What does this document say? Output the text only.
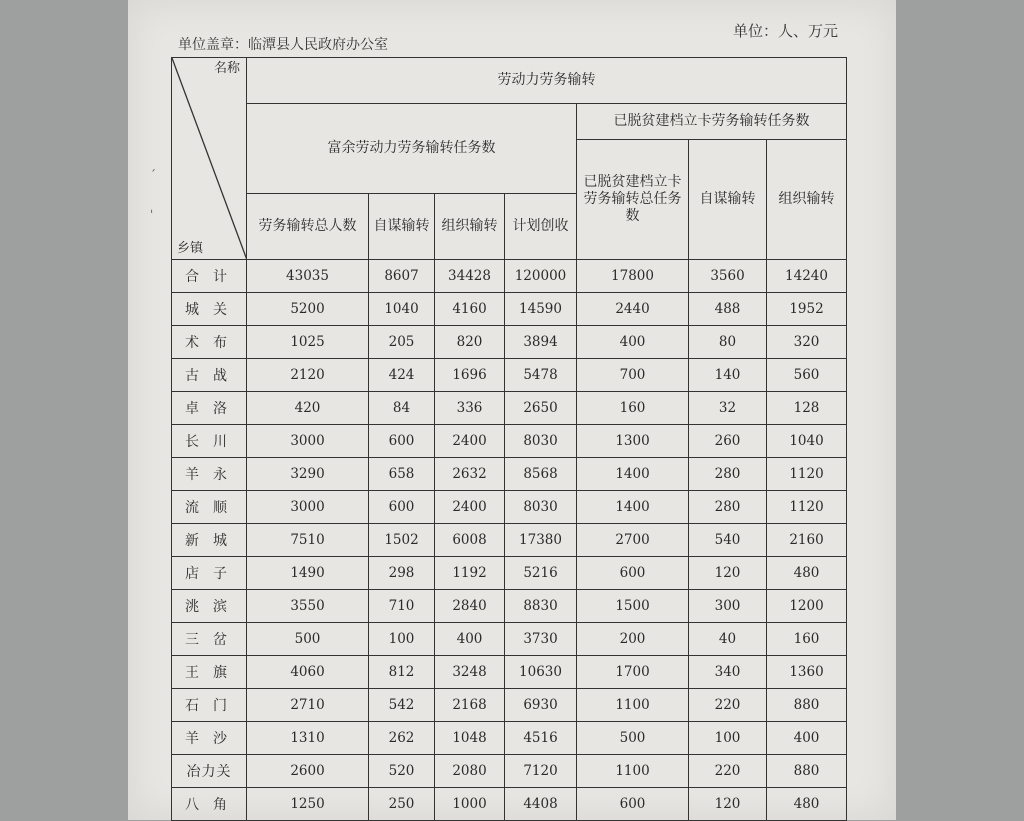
ˊ
ˈ
单位盖章：临潭县人民政府办公室
单位：人、万元
名称
乡镇	劳动力劳务输转						
	富余劳动力劳务输转任务数				已脱贫建档立卡劳务输转任务数		
					已脱贫建档立卡劳务输转总任务数	自谋输转	组织输转
	劳务输转总人数	自谋输转	组织输转	计划创收			
合计	43035	8607	34428	120000	17800	3560	14240
城关	5200	1040	4160	14590	2440	488	1952
术布	1025	205	820	3894	400	80	320
古战	2120	424	1696	5478	700	140	560
卓洛	420	84	336	2650	160	32	128
长川	3000	600	2400	8030	1300	260	1040
羊永	3290	658	2632	8568	1400	280	1120
流顺	3000	600	2400	8030	1400	280	1120
新城	7510	1502	6008	17380	2700	540	2160
店子	1490	298	1192	5216	600	120	480
洮滨	3550	710	2840	8830	1500	300	1200
三岔	500	100	400	3730	200	40	160
王旗	4060	812	3248	10630	1700	340	1360
石门	2710	542	2168	6930	1100	220	880
羊沙	1310	262	1048	4516	500	100	400
冶力关	2600	520	2080	7120	1100	220	880
八角	1250	250	1000	4408	600	120	480
